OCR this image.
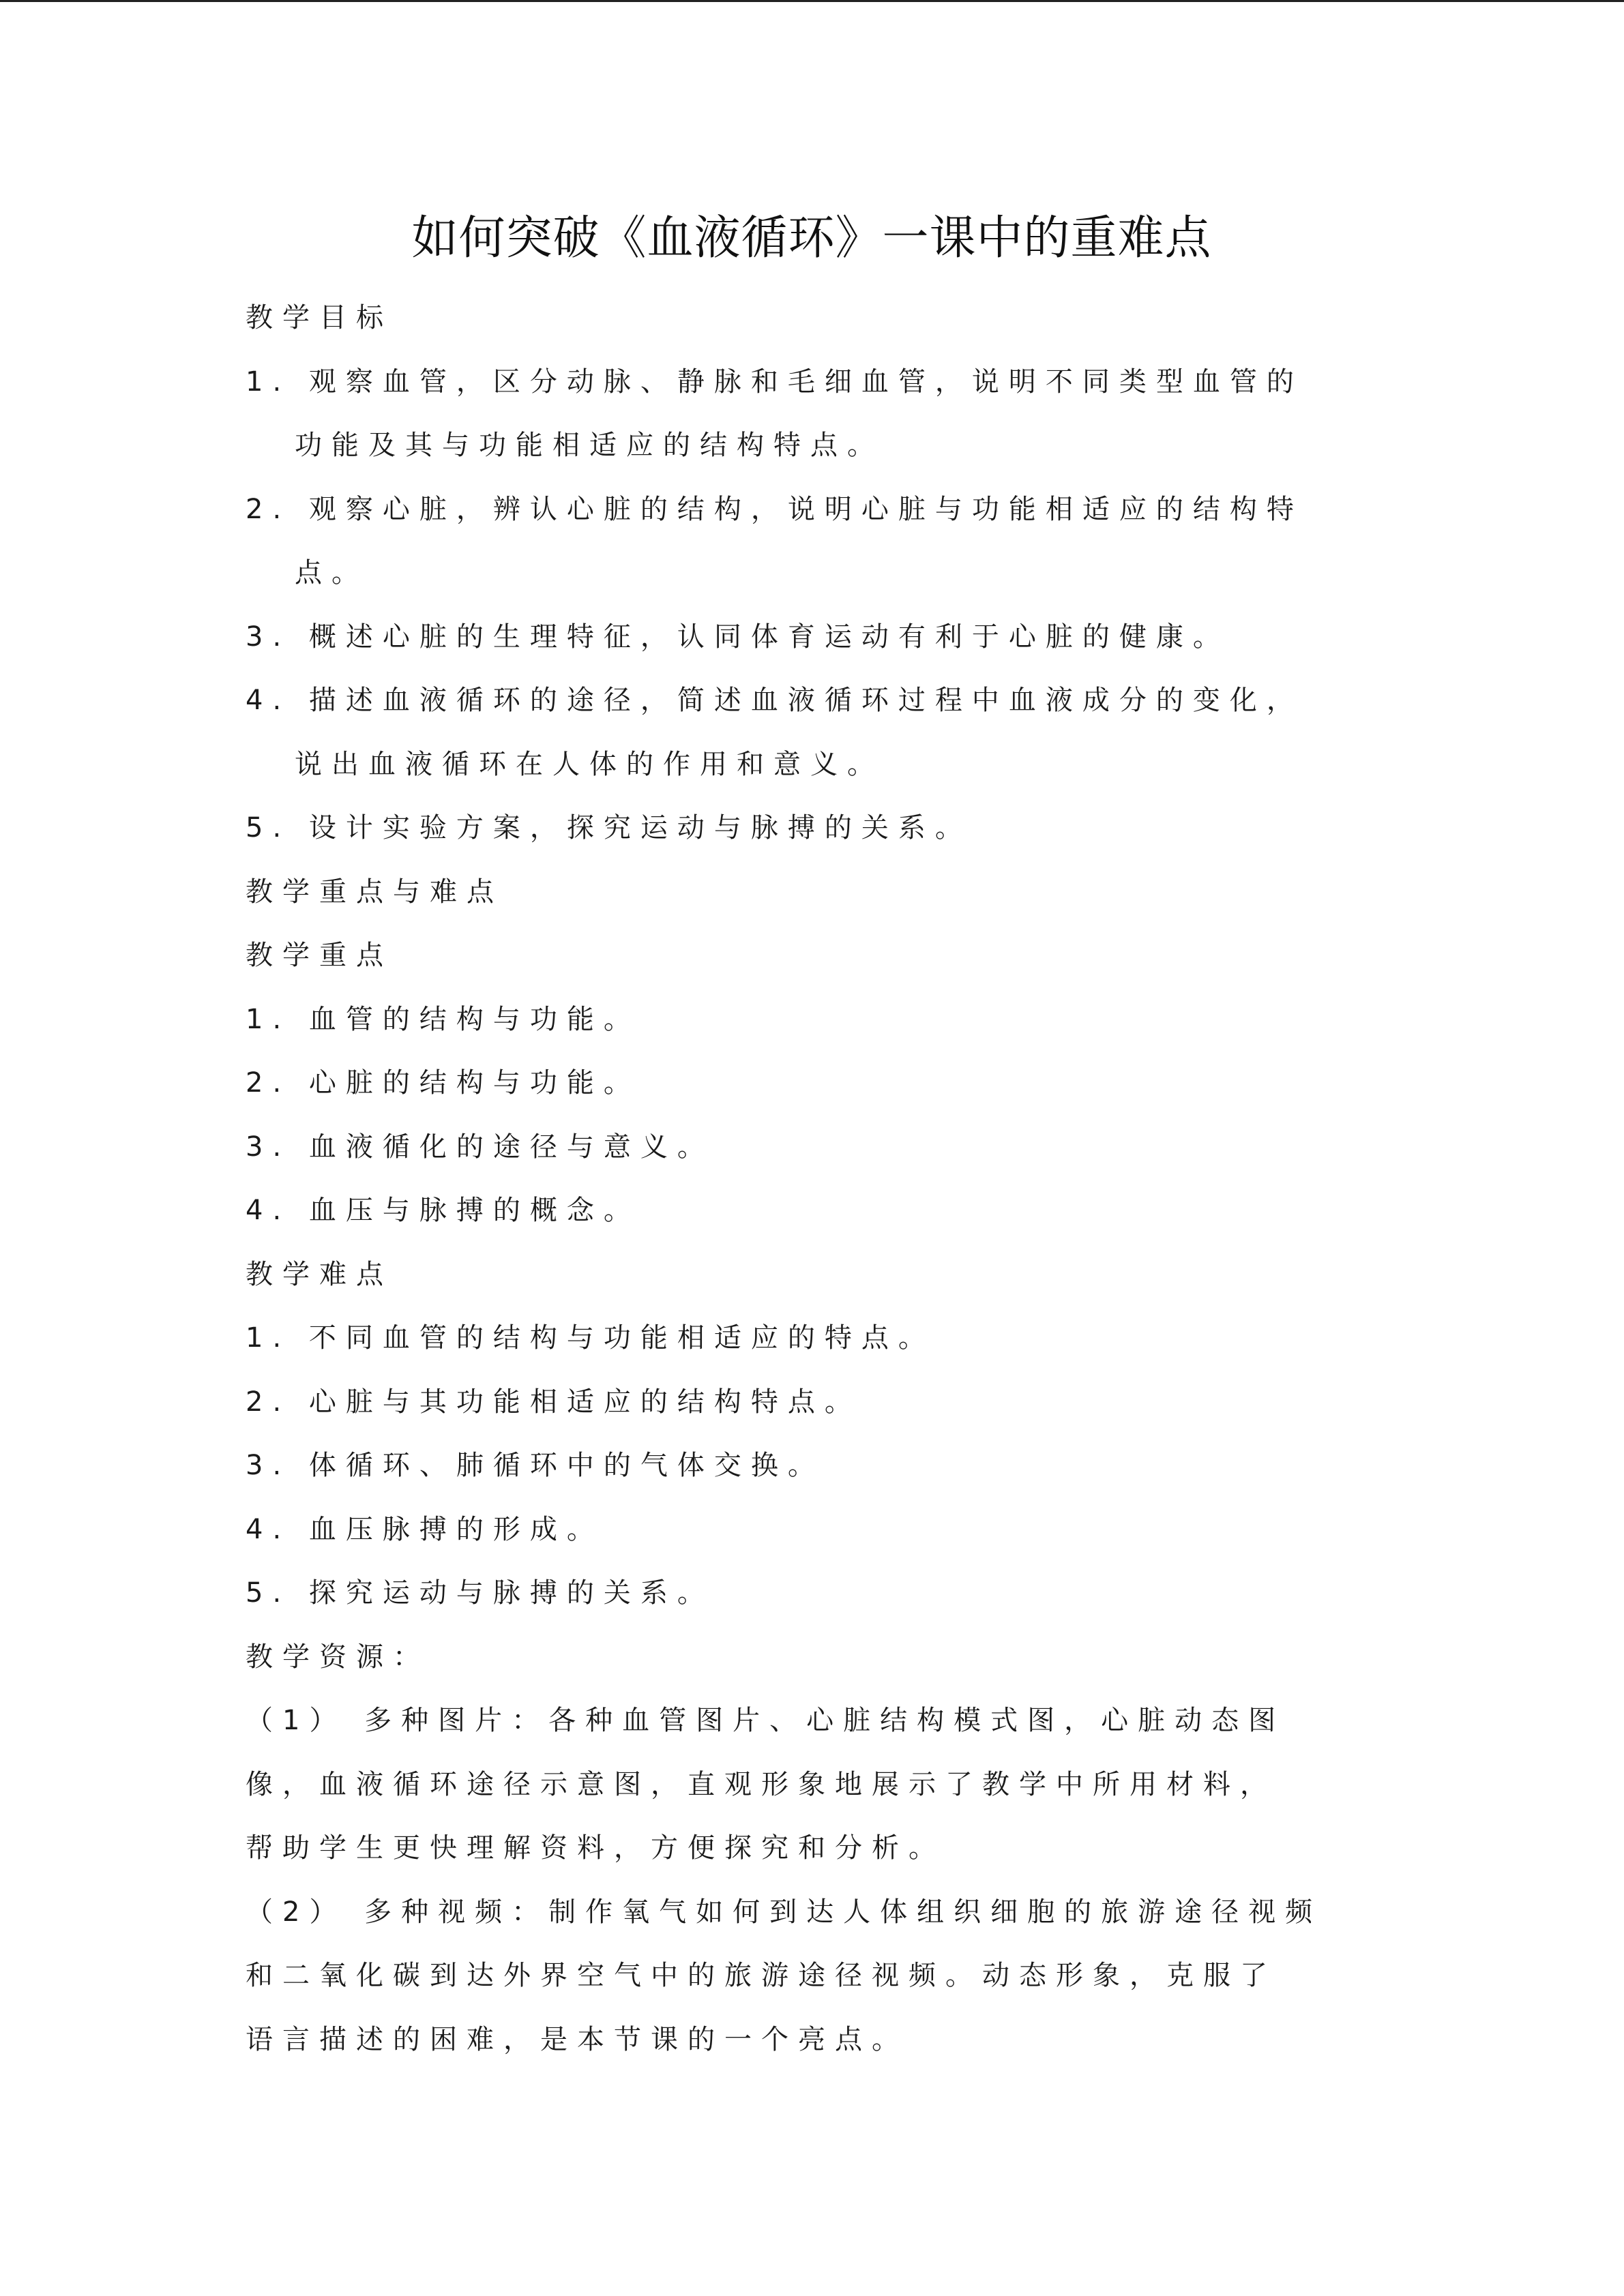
如何突破《血液循环》一课中的重难点
教学目标
1. 观察血管，区分动脉、静脉和毛细血管，说明不同类型血管的
功能及其与功能相适应的结构特点。
2. 观察心脏，辨认心脏的结构，说明心脏与功能相适应的结构特
点。
3. 概述心脏的生理特征，认同体育运动有利于心脏的健康。
4. 描述血液循环的途径，简述血液循环过程中血液成分的变化，
说出血液循环在人体的作用和意义。
5. 设计实验方案，探究运动与脉搏的关系。
教学重点与难点
教学重点
1. 血管的结构与功能。
2. 心脏的结构与功能。
3. 血液循化的途径与意义。
4. 血压与脉搏的概念。
教学难点
1. 不同血管的结构与功能相适应的特点。
2. 心脏与其功能相适应的结构特点。
3. 体循环、肺循环中的气体交换。
4. 血压脉搏的形成。
5. 探究运动与脉搏的关系。
教学资源：
（1） 多种图片：各种血管图片、心脏结构模式图，心脏动态图
像，血液循环途径示意图，直观形象地展示了教学中所用材料，
帮助学生更快理解资料，方便探究和分析。
（2） 多种视频：制作氧气如何到达人体组织细胞的旅游途径视频
和二氧化碳到达外界空气中的旅游途径视频。动态形象，克服了
语言描述的困难，是本节课的一个亮点。
